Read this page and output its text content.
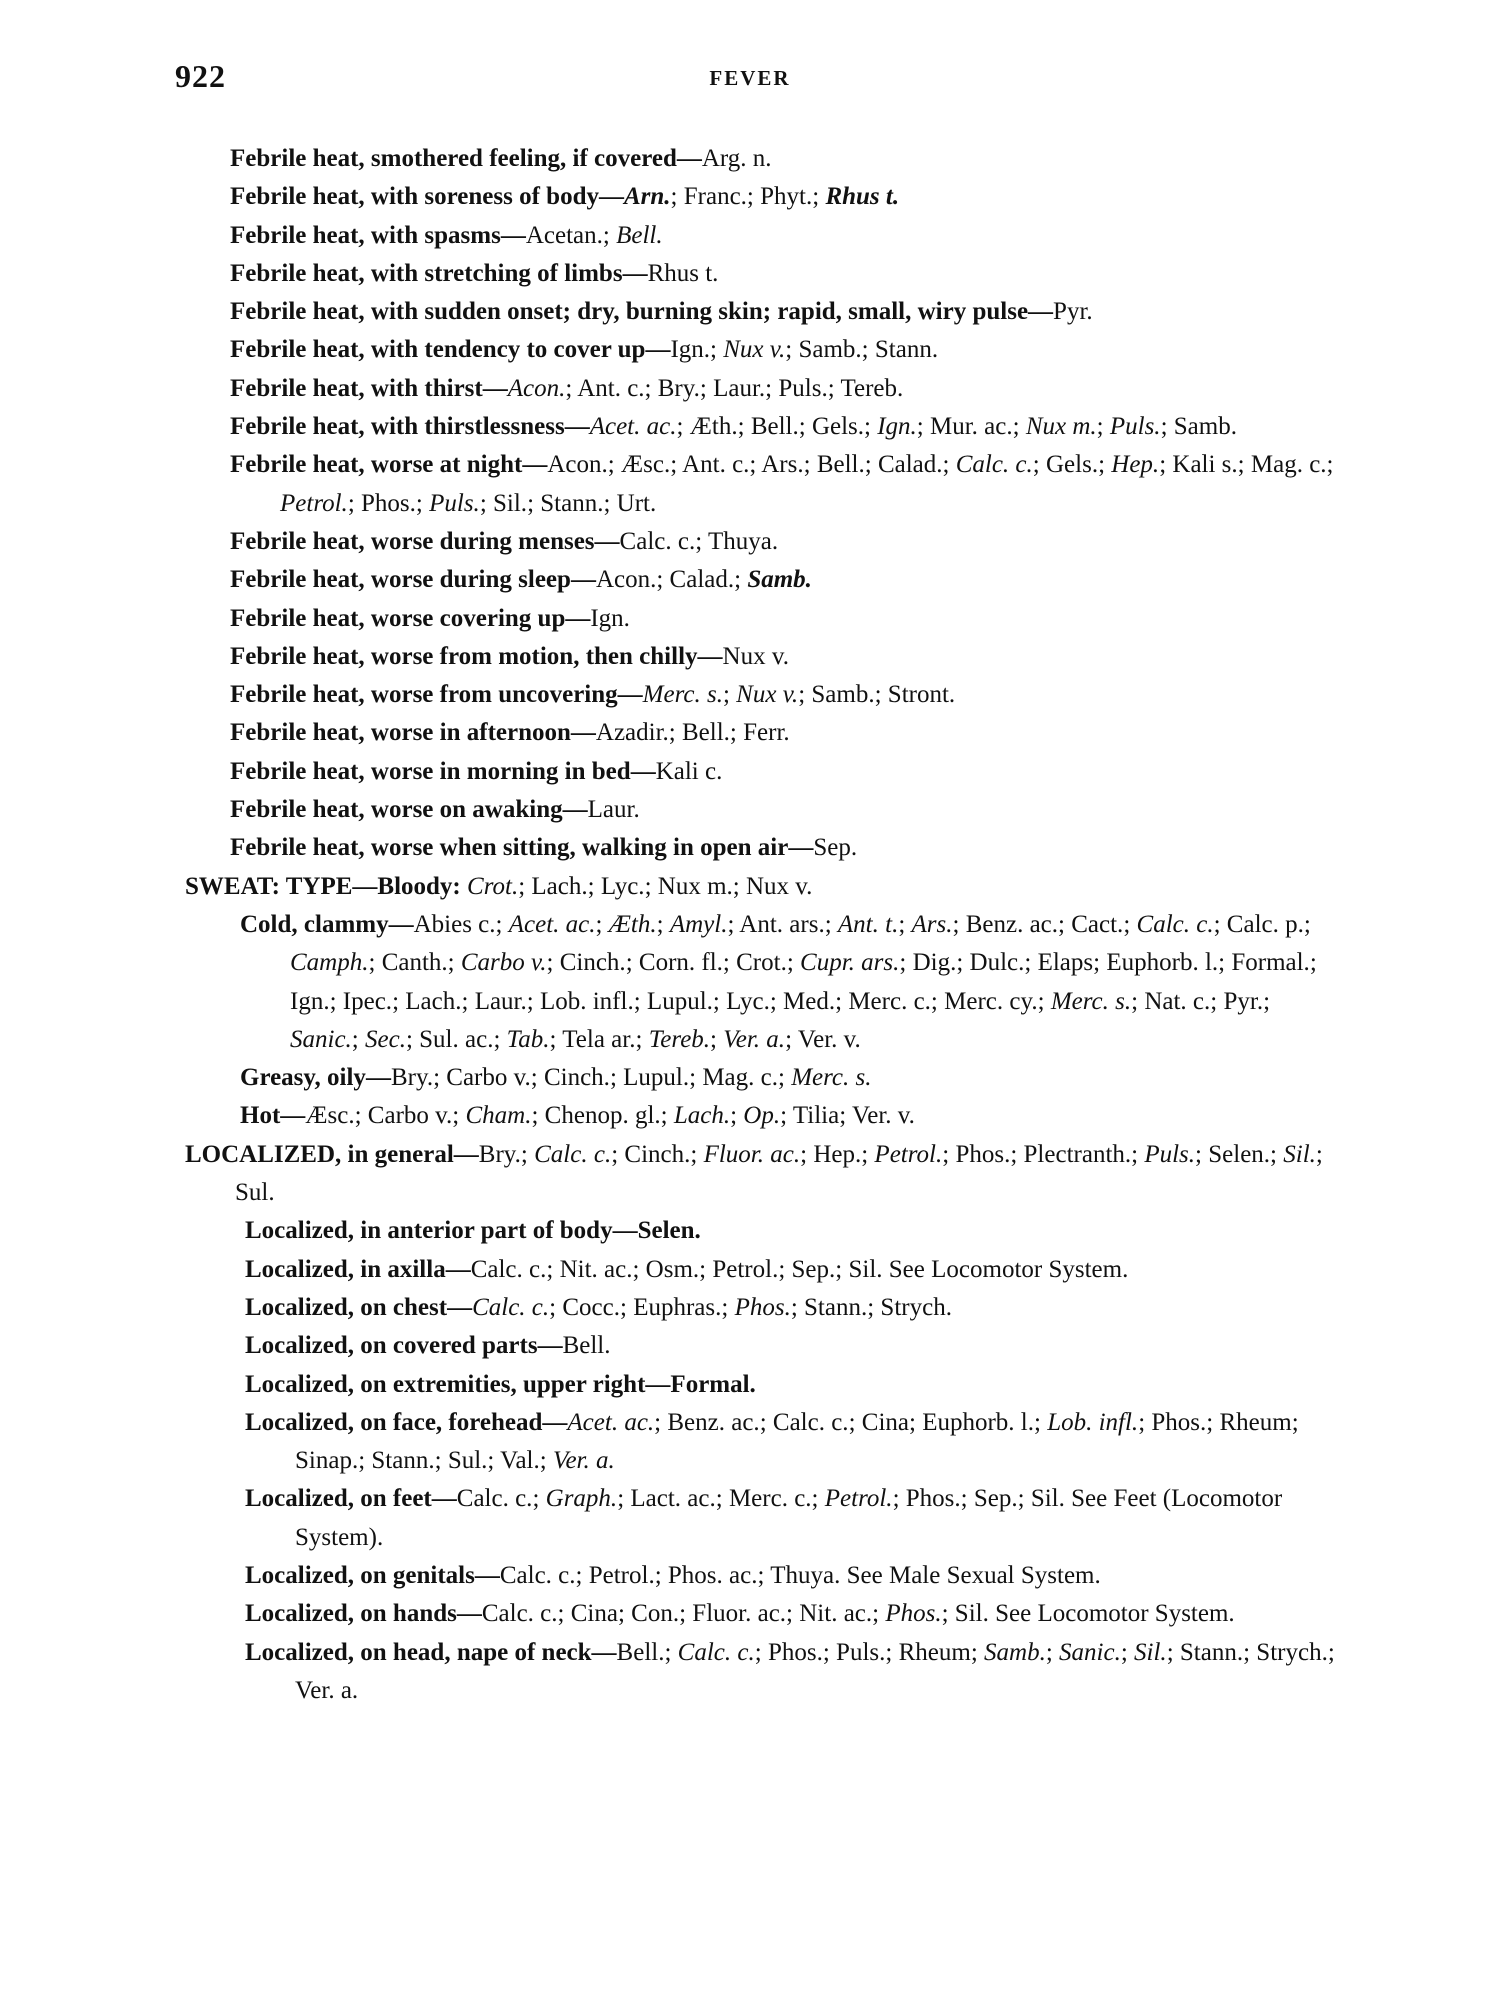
922	FEVER

Febrile heat, smothered feeling, if covered—Arg. n.

Febrile heat, with soreness of body—Arn.; Franc.; Phyt.; Rhus t.

Febrile heat, with spasms—Acetan.; Bell.

Febrile heat, with stretching of limbs—Rhus t.

Febrile heat, with sudden onset; dry, burning skin; rapid, small, wiry pulse—Pyr.

Febrile heat, with tendency to cover up—Ign.; Nux v.; Samb.; Stann.

Febrile heat, with thirst—Acon.; Ant. c.; Bry.; Laur.; Puls.; Tereb.

Febrile heat, with thirstlessness—Acet. ac.; Æth.; Bell.; Gels.; Ign.; Mur. ac.; Nux m.; Puls.; Samb.

Febrile heat, worse at night—Acon.; Æsc.; Ant. c.; Ars.; Bell.; Calad.; Calc. c.; Gels.; Hep.; Kali s.; Mag. c.; Petrol.; Phos.; Puls.; Sil.; Stann.; Urt.

Febrile heat, worse during menses—Calc. c.; Thuya.

Febrile heat, worse during sleep—Acon.; Calad.; Samb.

Febrile heat, worse covering up—Ign.

Febrile heat, worse from motion, then chilly—Nux v.

Febrile heat, worse from uncovering—Merc. s.; Nux v.; Samb.; Stront.

Febrile heat, worse in afternoon—Azadir.; Bell.; Ferr.

Febrile heat, worse in morning in bed—Kali c.

Febrile heat, worse on awaking—Laur.

Febrile heat, worse when sitting, walking in open air—Sep.

SWEAT: TYPE—Bloody: Crot.; Lach.; Lyc.; Nux m.; Nux v.

Cold, clammy—Abies c.; Acet. ac.; Æth.; Amyl.; Ant. ars.; Ant. t.; Ars.; Benz. ac.; Cact.; Calc. c.; Calc. p.; Camph.; Canth.; Carbo v.; Cinch.; Corn. fl.; Crot.; Cupr. ars.; Dig.; Dulc.; Elaps; Euphorb. l.; Formal.; Ign.; Ipec.; Lach.; Laur.; Lob. infl.; Lupul.; Lyc.; Med.; Merc. c.; Merc. cy.; Merc. s.; Nat. c.; Pyr.; Sanic.; Sec.; Sul. ac.; Tab.; Tela ar.; Tereb.; Ver. a.; Ver. v.

Greasy, oily—Bry.; Carbo v.; Cinch.; Lupul.; Mag. c.; Merc. s.

Hot—Æsc.; Carbo v.; Cham.; Chenop. gl.; Lach.; Op.; Tilia; Ver. v.

LOCALIZED, in general—Bry.; Calc. c.; Cinch.; Fluor. ac.; Hep.; Petrol.; Phos.; Plectranth.; Puls.; Selen.; Sil.; Sul.

Localized, in anterior part of body—Selen.

Localized, in axilla—Calc. c.; Nit. ac.; Osm.; Petrol.; Sep.; Sil. See Locomotor System.

Localized, on chest—Calc. c.; Cocc.; Euphras.; Phos.; Stann.; Strych.

Localized, on covered parts—Bell.

Localized, on extremities, upper right—Formal.

Localized, on face, forehead—Acet. ac.; Benz. ac.; Calc. c.; Cina; Euphorb. l.; Lob. infl.; Phos.; Rheum; Sinap.; Stann.; Sul.; Val.; Ver. a.

Localized, on feet—Calc. c.; Graph.; Lact. ac.; Merc. c.; Petrol.; Phos.; Sep.; Sil. See Feet (Locomotor System).

Localized, on genitals—Calc. c.; Petrol.; Phos. ac.; Thuya. See Male Sexual System.

Localized, on hands—Calc. c.; Cina; Con.; Fluor. ac.; Nit. ac.; Phos.; Sil. See Locomotor System.

Localized, on head, nape of neck—Bell.; Calc. c.; Phos.; Puls.; Rheum; Samb.; Sanic.; Sil.; Stann.; Strych.; Ver. a.
